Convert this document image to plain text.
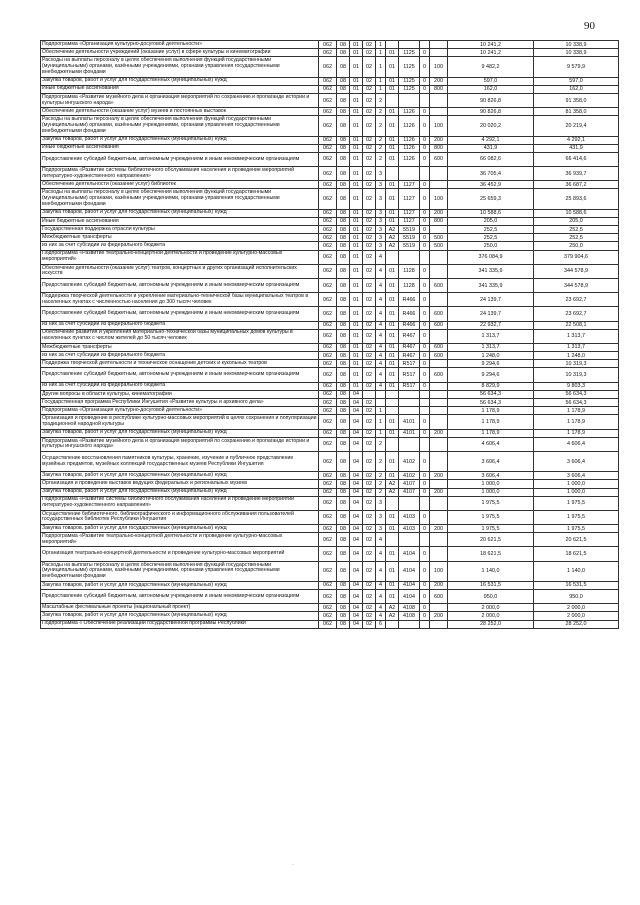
90
Подпрограмма «Организация культурно-досуговой деятельности»	062	08	01	02	1					10 241,2	10 338,9
Обеспечение деятельности учреждений (оказание услуг) в сфере культуры и кинематографии	062	08	01	02	1	01	1125	0		10 241,2	10 338,9
Расходы на выплаты персоналу в целях обеспечения выполнения функций государственными (муниципальными) органами, казёнными учреждениями, органами управления государственными внебюджетными фондами	062	08	01	02	1	01	1125	0	100	9 482,2	9 579,9
Закупка товаров, работ и услуг для государственных (муниципальных) нужд	062	08	01	02	1	01	1125	0	200	597,0	597,0
Иные бюджетные ассигнования	062	08	01	02	1	01	1125	0	800	162,0	162,0
Подпрограмма «Развитие музейного дела и организация мероприятий по сохранению и пропаганде истории и культуры ингушского народа»	062	08	01	02	2					90 826,8	91 358,0
Обеспечение деятельности (оказание услуг) музеев и постоянных выставок	062	08	01	02	2	01	1126	0		90 826,8	81 358,0
Расходы на выплаты персоналу в целях обеспечения выполнения функций государственными (муниципальными) органами, казёнными учреждениями, органами управления государственными внебюджетными фондами	062	08	01	02	2	01	1126	0	100	20 020,2	20 219,4
Закупка товаров, работ и услуг для государственных (муниципальных) нужд	062	08	01	02	2	01	1126	0	200	4 292,1	4 292,1
Иные бюджетные ассигнования	062	08	01	02	2	01	1126	0	800	431,9	431,9
Предоставление субсидий бюджетным, автономным учреждениям и иным некоммерческим организациям	062	08	01	02	2	01	1126	0	600	66 082,6	66 414,6
Подпрограмма «Развитие системы библиотечного обслуживания населения и проведение мероприятий литературно-художественного направления»	062	08	01	02	3					36 705,4	36 939,7
Обеспечение деятельности (оказание услуг) библиотек	062	08	01	02	3	01	1127	0		36 452,9	36 687,2
Расходы на выплаты персоналу в целях обеспечения выполнения функций государственными (муниципальными) органами, казёнными учреждениями, органами управления государственными внебюджетными фондами	062	08	01	02	3	01	1127	0	100	25 659,3	25 893,6
Закупка товаров, работ и услуг для государственных (муниципальных) нужд	062	08	01	02	3	01	1127	0	200	10 588,6	10 588,6
Иные бюджетные ассигнования	062	08	01	02	3	01	1127	0	800	205,0	205,0
Государственная поддержка отрасли культуры	062	08	01	02	3	A2	5519	0		252,5	252,5
Межбюджетные трансферты	062	08	01	02	3	A2	5519	0	500	252,5	252,5
из них за счет субсидии из федерального бюджета	062	08	01	02	3	A2	5519	0	500	250,0	250,0
Подпрограмма «Развитие театрально-концертной деятельности и проведение культурно-массовых мероприятий»	062	08	01	02	4					376 084,9	379 904,6
Обеспечение деятельности (оказание услуг) театров, концертных и других организаций исполнительских искусств	062	08	01	02	4	01	1128	0		341 335,9	344 578,9
Предоставление субсидий бюджетным, автономным учреждениям и иным некоммерческим организациям	062	08	01	02	4	01	1128	0	600	341 335,9	344 578,9
Поддержка творческой деятельности и укрепление материально-технической базы муниципальных театров в населенных пунктах с численностью населения до 300 тысяч человек	062	08	01	02	4	01	R466	0		24 139,7	23 692,7
Предоставление субсидий бюджетным, автономным учреждениям и иным некоммерческим организациям	062	08	01	02	4	01	R466	0	600	24 139,7	23 692,7
из них за счет субсидии из федерального бюджета	062	08	01	02	4	01	R466	0	600	22 932,7	22 508,1
Обеспечение развития и укрепления материально-технической базы муниципальных домов культуры в населенных пунктах с числом жителей до 50 тысяч человек	062	08	01	02	4	01	R467	0		1 313,7	1 313,7
Межбюджетные трансферты	062	08	01	02	4	01	R467	0	600	1 313,7	1 313,7
из них за счет субсидии из федерального бюджета	062	08	01	02	4	01	R467	0	600	1 248,0	1 248,0
Поддержка творческой деятельности и техническое оснащение детских и кукольных театров	062	08	01	02	4	01	R517	0		9 294,6	10 319,3
Предоставление субсидий бюджетным, автономным учреждениям и иным некоммерческим организациям	062	08	01	02	4	01	R517	0	600	9 294,6	10 319,3
из них за счет субсидии из федерального бюджета	062	08	01	02	4	01	R517	0		8 829,9	9 803,3
Другие вопросы в области культуры, кинематографии	062	08	04							56 634,3	56 634,3
Государственная программа Республики Ингушетия «Развитие культуры и архивного дела»	062	08	04	02						56 634,3	56 634,3
Подпрограмма «Организация культурно-досуговой деятельности»	062	08	04	02	1					1 178,9	1 178,9
Организация и проведение в республике культурно-массовых мероприятий в целях сохранения и популяризации традиционной народной культуры	062	08	04	02	1	01	4101	0		1 178,9	1 178,9
Закупка товаров, работ и услуг для государственных (муниципальных) нужд	062	08	04	02	1	01	4101	0	200	1 178,9	1 178,9
Подпрограмма «Развитие музейного дела и организация мероприятий по сохранению и пропаганде истории и культуры ингушского народа»	062	08	04	02	2					4 606,4	4 606,4
Осуществление восстановления памятников культуры, хранение, изучение и публичное представление музейных предметов, музейных коллекций государственных музеев Республики Ингушетия	062	08	04	02	2	01	4102	0		3 606,4	3 606,4
Закупка товаров, работ и услуг для государственных (муниципальных) нужд	062	08	04	02	2	01	4102	0	200	3 606,4	3 606,4
Организация и проведение выставок ведущих федеральных и региональных музеев	062	08	04	02	2	A2	4107	0		1 000,0	1 000,0
Закупка товаров, работ и услуг для государственных (муниципальных) нужд	062	08	04	02	2	A2	4107	0	200	1 000,0	1 000,0
Подпрограмма «Развитие системы библиотечного обслуживания населения и проведение мероприятий литературно-художественного направления»	062	08	04	02	3					1 975,5	1 975,5
Осуществление библиотечного, библиографического и информационного обслуживания пользователей государственных библиотек Республики Ингушетия	062	08	04	02	3	01	4103	0		1 975,5	1 975,5
Закупка товаров, работ и услуг для государственных (муниципальных) нужд	062	08	04	02	3	01	4103	0	200	1 975,5	1 975,5
Подпрограмма «Развитие театрально-концертной деятельности и проведение культурно-массовых мероприятий»	062	08	04	02	4					20 621,5	20 621,5
Организация театрально-концертной деятельности и проведение культурно-массовых мероприятий	062	08	04	02	4	01	4104	0		18 621,5	18 621,5
Расходы на выплаты персоналу в целях обеспечения выполнения функций государственными (муниципальными) органами, казёнными учреждениями, органами управления государственными внебюджетными фондами	062	08	04	02	4	01	4104	0	100	1 140,0	1 140,0
Закупка товаров, работ и услуг для государственных (муниципальных) нужд	062	08	04	02	4	01	4104	0	200	16 531,5	16 531,5
Предоставление субсидий бюджетным, автономным учреждениям и иным некоммерческим организациям	062	08	04	02	4	01	4104	0	600	950,0	950,0
Масштабные фестивальные проекты (национальный проект)	062	08	04	02	4	A2	4108	0		2 000,0	2 000,0
Закупка товаров, работ и услуг для государственных (муниципальных) нужд	062	08	04	02	4	A2	4108	0	200	2 000,0	2 000,0
Подпрограмма « Обеспечение реализации государственной программы Республики	062	08	04	02	6					28 252,0	28 252,0
·
